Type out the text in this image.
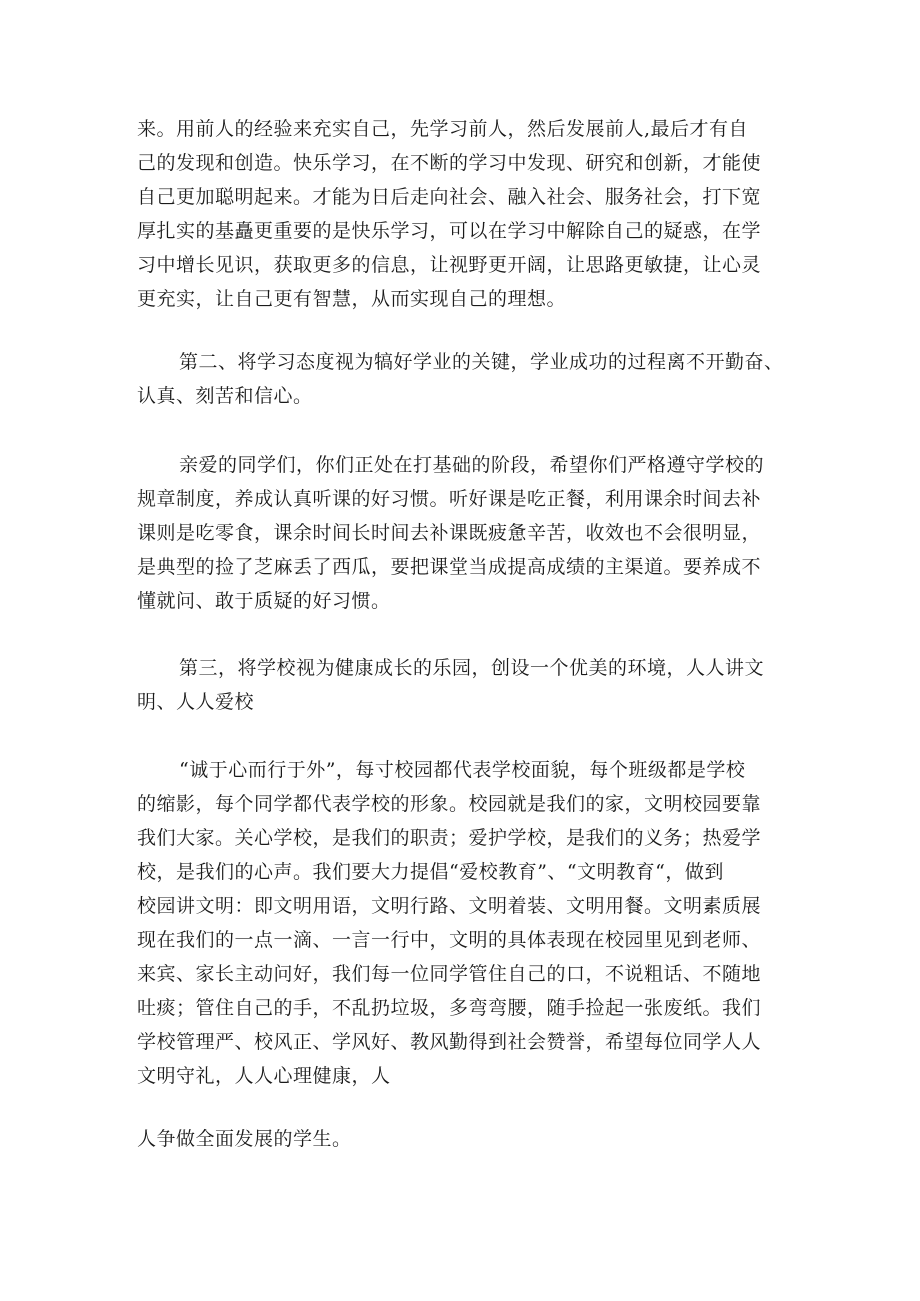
来。用前人的经验来充实自己，先学习前人，然后发展前人,最后才有自
己的发现和创造。快乐学习，在不断的学习中发现、研究和创新，才能使
自己更加聪明起来。才能为日后走向社会、融入社会、服务社会，打下宽
厚扎实的基矗更重要的是快乐学习，可以在学习中解除自己的疑惑，在学
习中增长见识，获取更多的信息，让视野更开阔，让思路更敏捷，让心灵
更充实，让自己更有智慧，从而实现自己的理想。

第二、将学习态度视为犒好学业的关键，学业成功的过程离不开勤奋、
认真、刻苦和信心。

亲爱的同学们，你们正处在打基础的阶段，希望你们严格遵守学校的
规章制度，养成认真听课的好习惯。听好课是吃正餐，利用课余时间去补
课则是吃零食，课余时间长时间去补课既疲惫辛苦，收效也不会很明显，
是典型的捡了芝麻丢了西瓜，要把课堂当成提高成绩的主渠道。要养成不
懂就问、敢于质疑的好习惯。

第三，将学校视为健康成长的乐园，创设一个优美的环境，人人讲文
明、人人爱校

“诚于心而行于外”，每寸校园都代表学校面貌，每个班级都是学校
的缩影，每个同学都代表学校的形象。校园就是我们的家，文明校园要靠
我们大家。关心学校，是我们的职责；爱护学校，是我们的义务；热爱学
校，是我们的心声。我们要大力提倡“爱校教育”、“文明教育“，做到
校园讲文明：即文明用语，文明行路、文明着装、文明用餐。文明素质展
现在我们的一点一滴、一言一行中，文明的具体表现在校园里见到老师、
来宾、家长主动问好，我们每一位同学管住自己的口，不说粗话、不随地
吐痰；管住自己的手，不乱扔垃圾，多弯弯腰，随手捡起一张废纸。我们
学校管理严、校风正、学风好、教风勤得到社会赞誉，希望每位同学人人
文明守礼，人人心理健康，人

人争做全面发展的学生。
